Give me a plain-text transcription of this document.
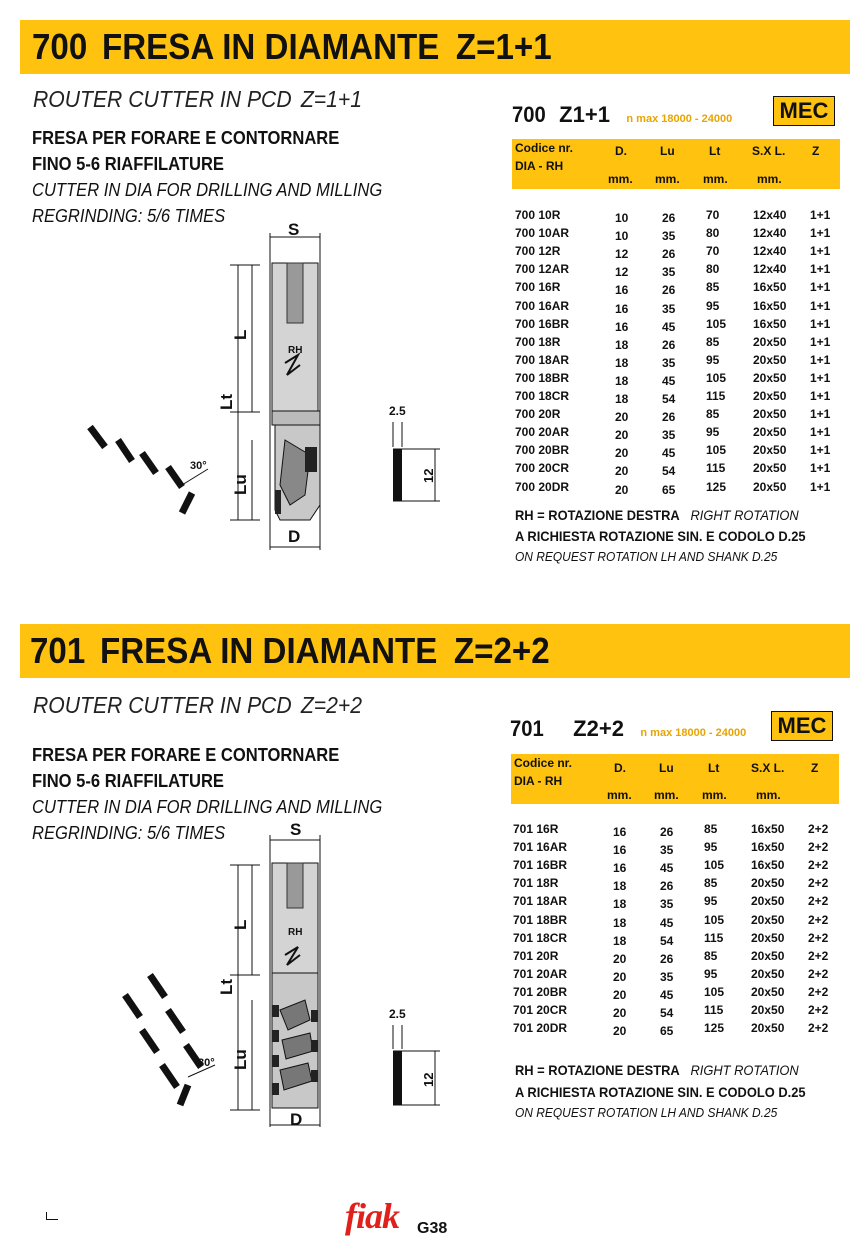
700 FRESA IN DIAMANTE Z=1+1
ROUTER CUTTER IN PCD Z=1+1
FRESA PER FORARE E CONTORNARE
FINO 5-6 RIAFFILATURE
CUTTER IN DIA FOR DRILLING AND MILLING
REGRINDING: 5/6 TIMES
700 Z1+1 n max 18000 - 24000 MEC
Codice nr.
DIA - RH
D.	Lu	Lt	S.X L. Z
mm. mm. mm. mm.
700 10R	10	26	70	12x40 1+1
700 10AR	10	35	80	12x40 1+1
700 12R	12	26	70	12x40 1+1
700 12AR	12	35	80	12x40 1+1
700 16R	16	26	85	16x50 1+1
700 16AR	16	35	95	16x50 1+1
700 16BR	16	45	105 16x50 1+1
700 18R	18	26	85	20x50 1+1
700 18AR	18	35	95	20x50 1+1
700 18BR	18	45	105 20x50 1+1
700 18CR	18	54	115 20x50 1+1
700 20R	20	26	85	20x50 1+1
700 20AR	20	35	95	20x50 1+1
700 20BR	20	45	105 20x50 1+1
700 20CR	20	54	115 20x50 1+1
700 20DR	20	65	125 20x50 1+1
RH = ROTAZIONE DESTRA RIGHT ROTATION
A RICHIESTA ROTAZIONE SIN. E CODOLO D.25
ON REQUEST ROTATION LH AND SHANK D.25
RH
S
L
Lt
Lu
D
30°
2.5
12
701 FRESA IN DIAMANTE Z=2+2
ROUTER CUTTER IN PCD Z=2+2
FRESA PER FORARE E CONTORNARE
FINO 5-6 RIAFFILATURE
CUTTER IN DIA FOR DRILLING AND MILLING
REGRINDING: 5/6 TIMES
701 Z2+2 n max 18000 - 24000 MEC
Codice nr.
DIA - RH
D.	Lu	Lt	S.X L. Z
mm. mm. mm. mm.
701 16R	16	26	85	16x50 2+2
701 16AR	16	35	95	16x50 2+2
701 16BR	16	45	105 16x50 2+2
701 18R	18	26	85	20x50 2+2
701 18AR	18	35	95	20x50 2+2
701 18BR	18	45	105 20x50 2+2
701 18CR	18	54	115 20x50 2+2
701 20R	20	26	85	20x50 2+2
701 20AR	20	35	95	20x50 2+2
701 20BR	20	45	105 20x50 2+2
701 20CR	20	54	115 20x50 2+2
701 20DR	20	65	125 20x50 2+2
RH = ROTAZIONE DESTRA RIGHT ROTATION
A RICHIESTA ROTAZIONE SIN. E CODOLO D.25
ON REQUEST ROTATION LH AND SHANK D.25
RH
S
L
Lt
Lu
D
30°
2.5
12
fiak G38
